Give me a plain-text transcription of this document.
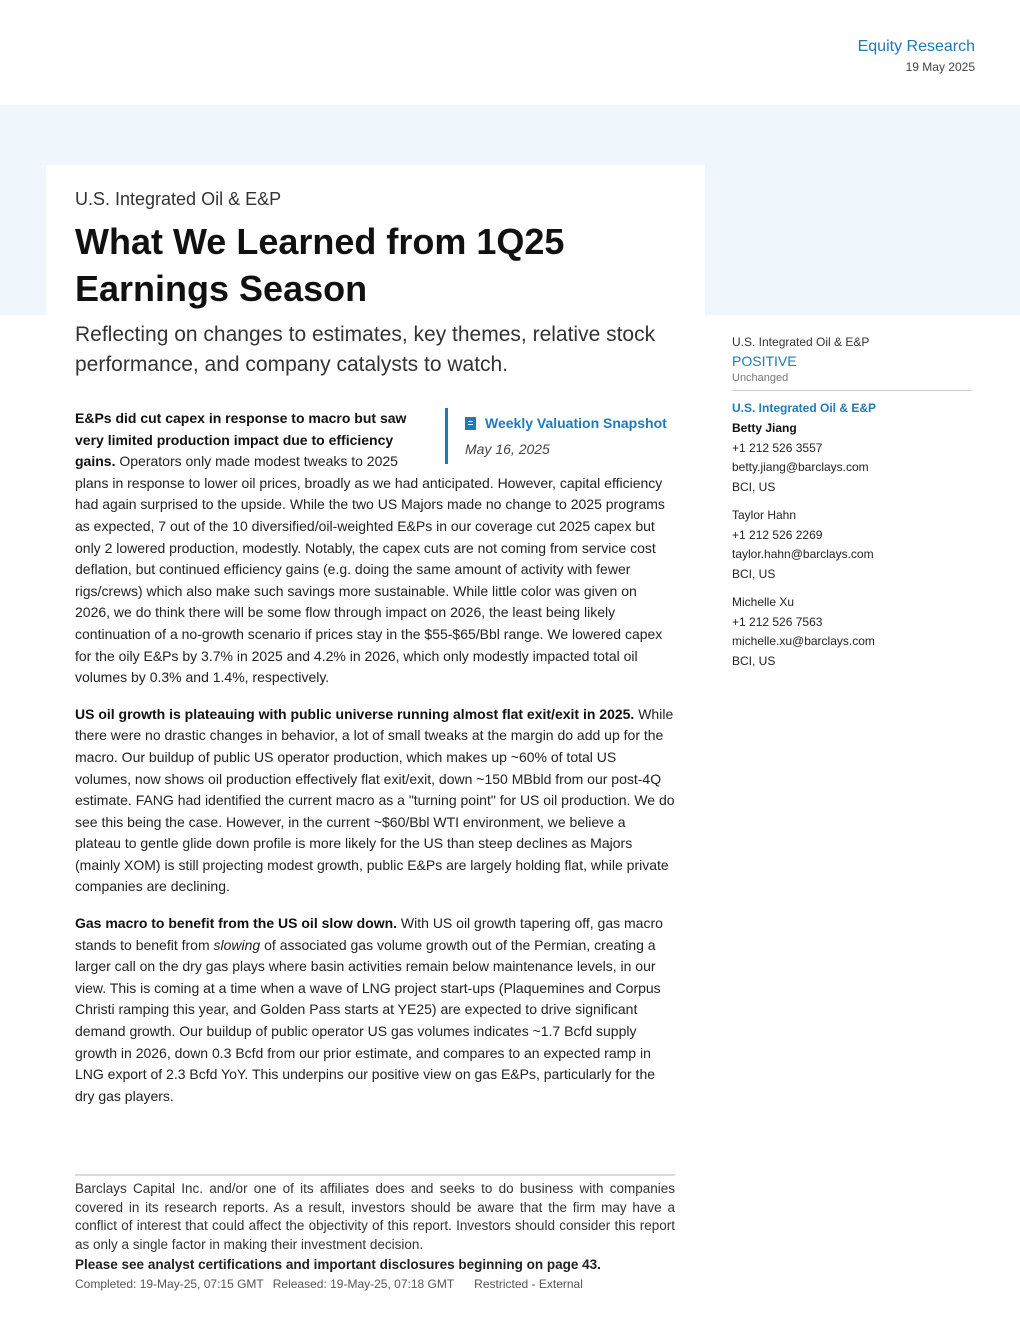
Equity Research
19 May 2025
U.S. Integrated Oil & E&P
What We Learned from 1Q25 Earnings Season
Reflecting on changes to estimates, key themes, relative stock performance, and company catalysts to watch.

Weekly Valuation Snapshot
May 16, 2025
E&Ps did cut capex in response to macro but saw very limited production impact due to efficiency gains. Operators only made modest tweaks to 2025 plans in response to lower oil prices, broadly as we had anticipated. However, capital efficiency had again surprised to the upside. While the two US Majors made no change to 2025 programs as expected, 7 out of the 10 diversified/oil-weighted E&Ps in our coverage cut 2025 capex but only 2 lowered production, modestly. Notably, the capex cuts are not coming from service cost deflation, but continued efficiency gains (e.g. doing the same amount of activity with fewer rigs/crews) which also make such savings more sustainable. While little color was given on 2026, we do think there will be some flow through impact on 2026, the least being likely continuation of a no-growth scenario if prices stay in the $55-$65/Bbl range. We lowered capex for the oily E&Ps by 3.7% in 2025 and 4.2% in 2026, which only modestly impacted total oil volumes by 0.3% and 1.4%, respectively.

US oil growth is plateauing with public universe running almost flat exit/exit in 2025. While there were no drastic changes in behavior, a lot of small tweaks at the margin do add up for the macro. Our buildup of public US operator production, which makes up ~60% of total US volumes, now shows oil production effectively flat exit/exit, down ~150 MBbld from our post-4Q estimate. FANG had identified the current macro as a "turning point" for US oil production. We do see this being the case. However, in the current ~$60/Bbl WTI environment, we believe a plateau to gentle glide down profile is more likely for the US than steep declines as Majors (mainly XOM) is still projecting modest growth, public E&Ps are largely holding flat, while private companies are declining.

Gas macro to benefit from the US oil slow down. With US oil growth tapering off, gas macro stands to benefit from slowing of associated gas volume growth out of the Permian, creating a larger call on the dry gas plays where basin activities remain below maintenance levels, in our view. This is coming at a time when a wave of LNG project start-ups (Plaquemines and Corpus Christi ramping this year, and Golden Pass starts at YE25) are expected to drive significant demand growth. Our buildup of public operator US gas volumes indicates ~1.7 Bcfd supply growth in 2026, down 0.3 Bcfd from our prior estimate, and compares to an expected ramp in LNG export of 2.3 Bcfd YoY. This underpins our positive view on gas E&Ps, particularly for the dry gas players.

U.S. Integrated Oil & E&P
POSITIVE
Unchanged
U.S. Integrated Oil & E&P
Betty Jiang
+1 212 526 3557
betty.jiang@barclays.com
BCI, US
Taylor Hahn
+1 212 526 2269
taylor.hahn@barclays.com
BCI, US
Michelle Xu
+1 212 526 7563
michelle.xu@barclays.com
BCI, US
Barclays Capital Inc. and/or one of its affiliates does and seeks to do business with companies covered in its research reports. As a result, investors should be aware that the firm may have a conflict of interest that could affect the objectivity of this report. Investors should consider this report as only a single factor in making their investment decision.
Please see analyst certifications and important disclosures beginning on page 43.
Completed: 19-May-25, 07:15 GMT Released: 19-May-25, 07:18 GMT Restricted - External
